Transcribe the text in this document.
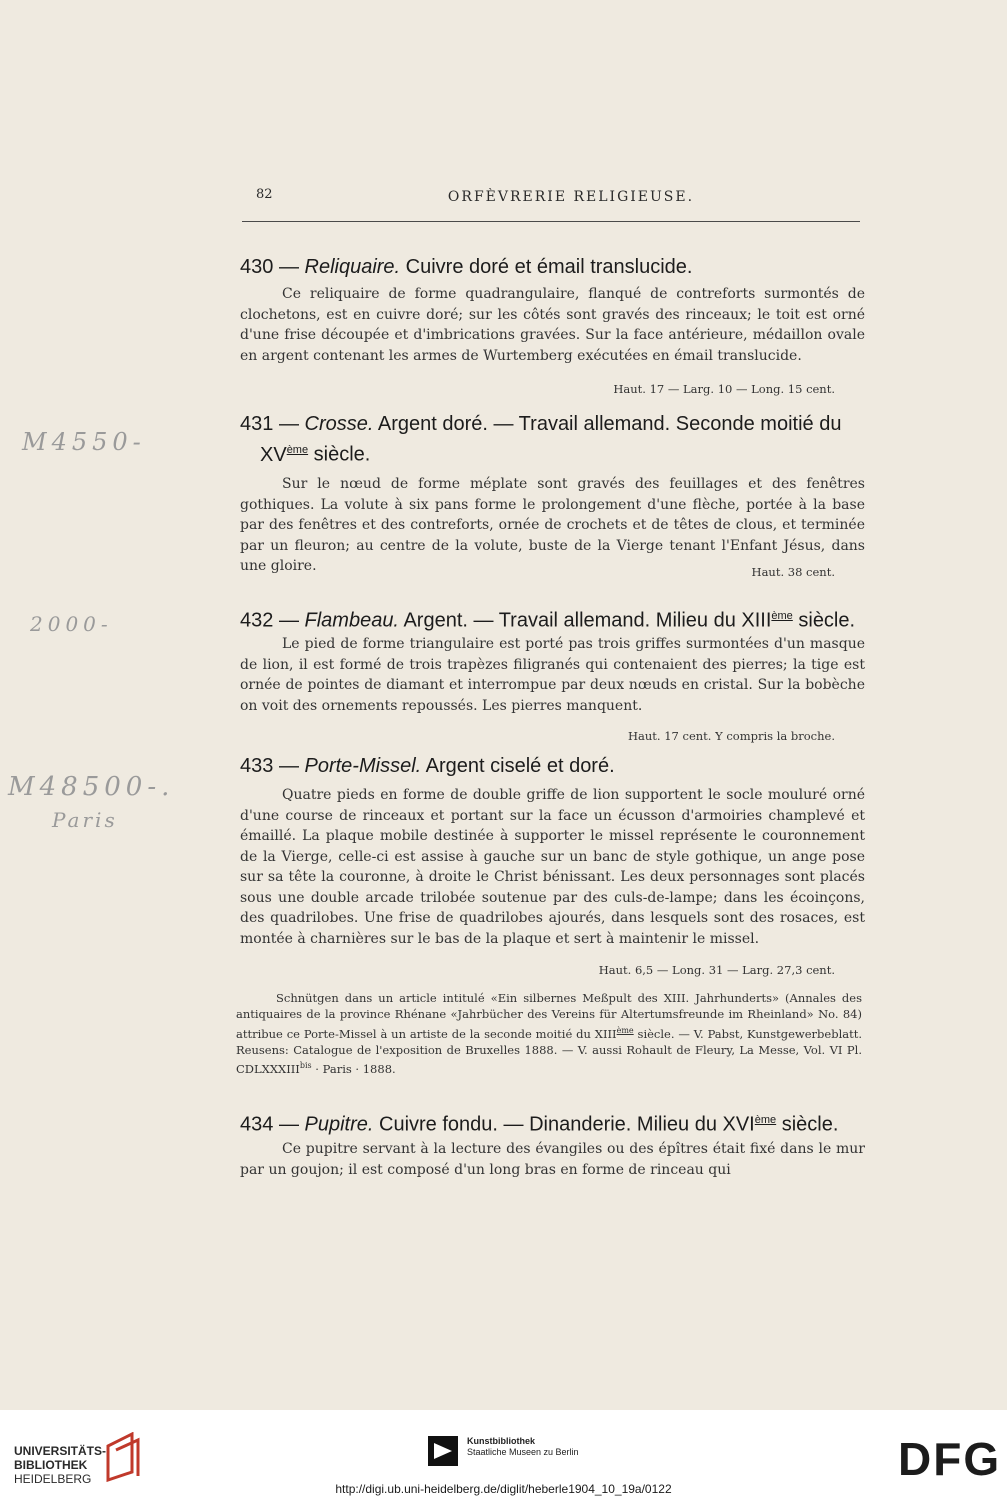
82	ORFÈVRERIE RELIGIEUSE.
430 — Reliquaire. Cuivre doré et émail translucide.
Ce reliquaire de forme quadrangulaire, flanqué de contreforts surmontés de clochetons, est en cuivre doré; sur les côtés sont gravés des rinceaux; le toit est orné d'une frise découpée et d'imbrications gravées. Sur la face antérieure, médaillon ovale en argent contenant les armes de Wurtemberg exécutées en émail translucide.
Haut. 17 — Larg. 10 — Long. 15 cent.
431 — Crosse. Argent doré. — Travail allemand. Seconde moitié du
XVème siècle.
Sur le nœud de forme méplate sont gravés des feuillages et des fenêtres gothiques. La volute à six pans forme le prolongement d'une flèche, portée à la base par des fenêtres et des contreforts, ornée de crochets et de têtes de clous, et terminée par un fleuron; au centre de la volute, buste de la Vierge tenant l'Enfant Jésus, dans une gloire.	Haut. 38 cent.
432 — Flambeau. Argent. — Travail allemand. Milieu du XIIIème siècle.
Le pied de forme triangulaire est porté pas trois griffes surmontées d'un masque de lion, il est formé de trois trapèzes filigranés qui contenaient des pierres; la tige est ornée de pointes de diamant et interrompue par deux nœuds en cristal. Sur la bobèche on voit des ornements repoussés. Les pierres manquent.
Haut. 17 cent. Y compris la broche.
433 — Porte-Missel. Argent ciselé et doré.
Quatre pieds en forme de double griffe de lion supportent le socle mouluré orné d'une course de rinceaux et portant sur la face un écusson d'armoiries champlevé et émaillé. La plaque mobile destinée à supporter le missel représente le couronnement de la Vierge, celle-ci est assise à gauche sur un banc de style gothique, un ange pose sur sa tête la couronne, à droite le Christ bénissant. Les deux personnages sont placés sous une double arcade trilobée soutenue par des culs-de-lampe; dans les écoinçons, des quadrilobes. Une frise de quadrilobes ajourés, dans lesquels sont des rosaces, est montée à charnières sur le bas de la plaque et sert à maintenir le missel.
Haut. 6,5 — Long. 31 — Larg. 27,3 cent.
Schnütgen dans un article intitulé «Ein silbernes Meßpult des XIII. Jahrhunderts» (Annales des antiquaires de la province Rhénane «Jahrbücher des Vereins für Altertumsfreunde im Rheinland» No. 84) attribue ce Porte-Missel à un artiste de la seconde moitié du XIIIème siècle. — V. Pabst, Kunstgewerbeblatt. Reusens: Catalogue de l'exposition de Bruxelles 1888. — V. aussi Rohault de Fleury, La Messe, Vol. VI Pl. $CDLXXXIII^{bis}$ · Paris · 1888.
434 — Pupitre. Cuivre fondu. — Dinanderie. Milieu du XVIème siècle.
Ce pupitre servant à la lecture des évangiles ou des épîtres était fixé dans le mur par un goujon; il est composé d'un long bras en forme de rinceau qui
M4550-
2000-
M48500-.
Paris
UNIVERSITÄTS-
BIBLIOTHEK
HEIDELBERG
Kunstbibliothek
Staatliche Museen zu Berlin	DFG
http://digi.ub.uni-heidelberg.de/diglit/heberle1904_10_19a/0122
